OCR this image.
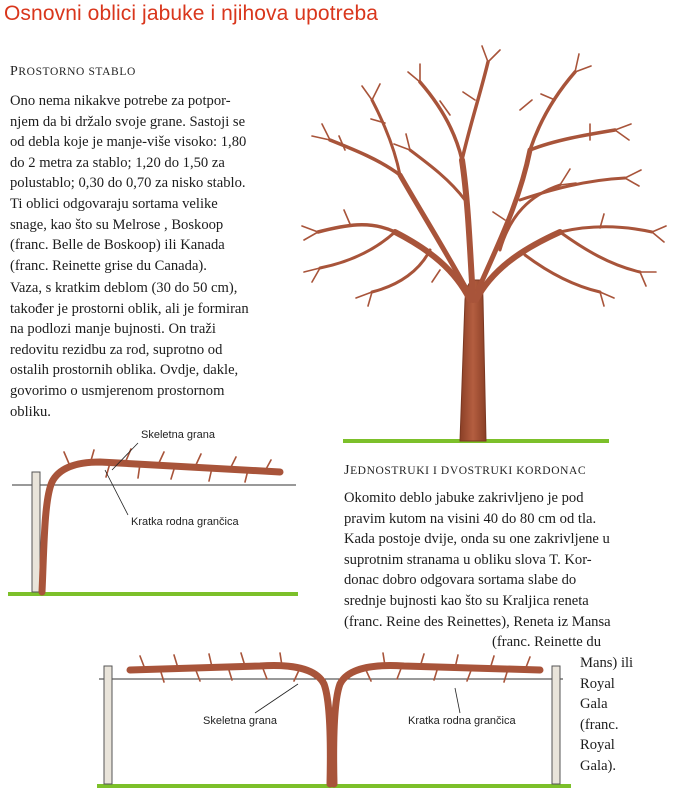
Osnovni oblici jabuke i njihova upotreba
PROSTORNO STABLO
Ono nema nikakve potrebe za potpor-
njem da bi držalo svoje grane. Sastoji se
od debla koje je manje-više visoko: 1,80
do 2 metra za stablo; 1,20 do 1,50 za
polustablo; 0,30 do 0,70 za nisko stablo.
Ti oblici odgovaraju sortama velike
snage, kao što su Melrose , Boskoop
(franc. Belle de Boskoop) ili Kanada
(franc. Reinette grise du Canada).
Vaza, s kratkim deblom (30 do 50 cm),
također je prostorni oblik, ali je formiran
na podlozi manje bujnosti. On traži
redovitu rezidbu za rod, suprotno od
ostalih prostornih oblika. Ovdje, dakle,
govorimo o usmjerenom prostornom
obliku.
JEDNOSTRUKI I DVOSTRUKI KORDONAC
Okomito deblo jabuke zakrivljeno je pod
pravim kutom na visini 40 do 80 cm od tla.
Kada postoje dvije, onda su one zakrivljene u
suprotnim stranama u obliku slova T. Kor-
donac dobro odgovara sortama slabe do
srednje bujnosti kao što su Kraljica reneta
(franc. Reine des Reinettes), Reneta iz Mansa
(franc. Reinette du
Mans) ili
Royal
Gala
(franc.
Royal
Gala).
Skeletna grana
Kratka rodna grančica
Skeletna grana	Kratka rodna grančica
